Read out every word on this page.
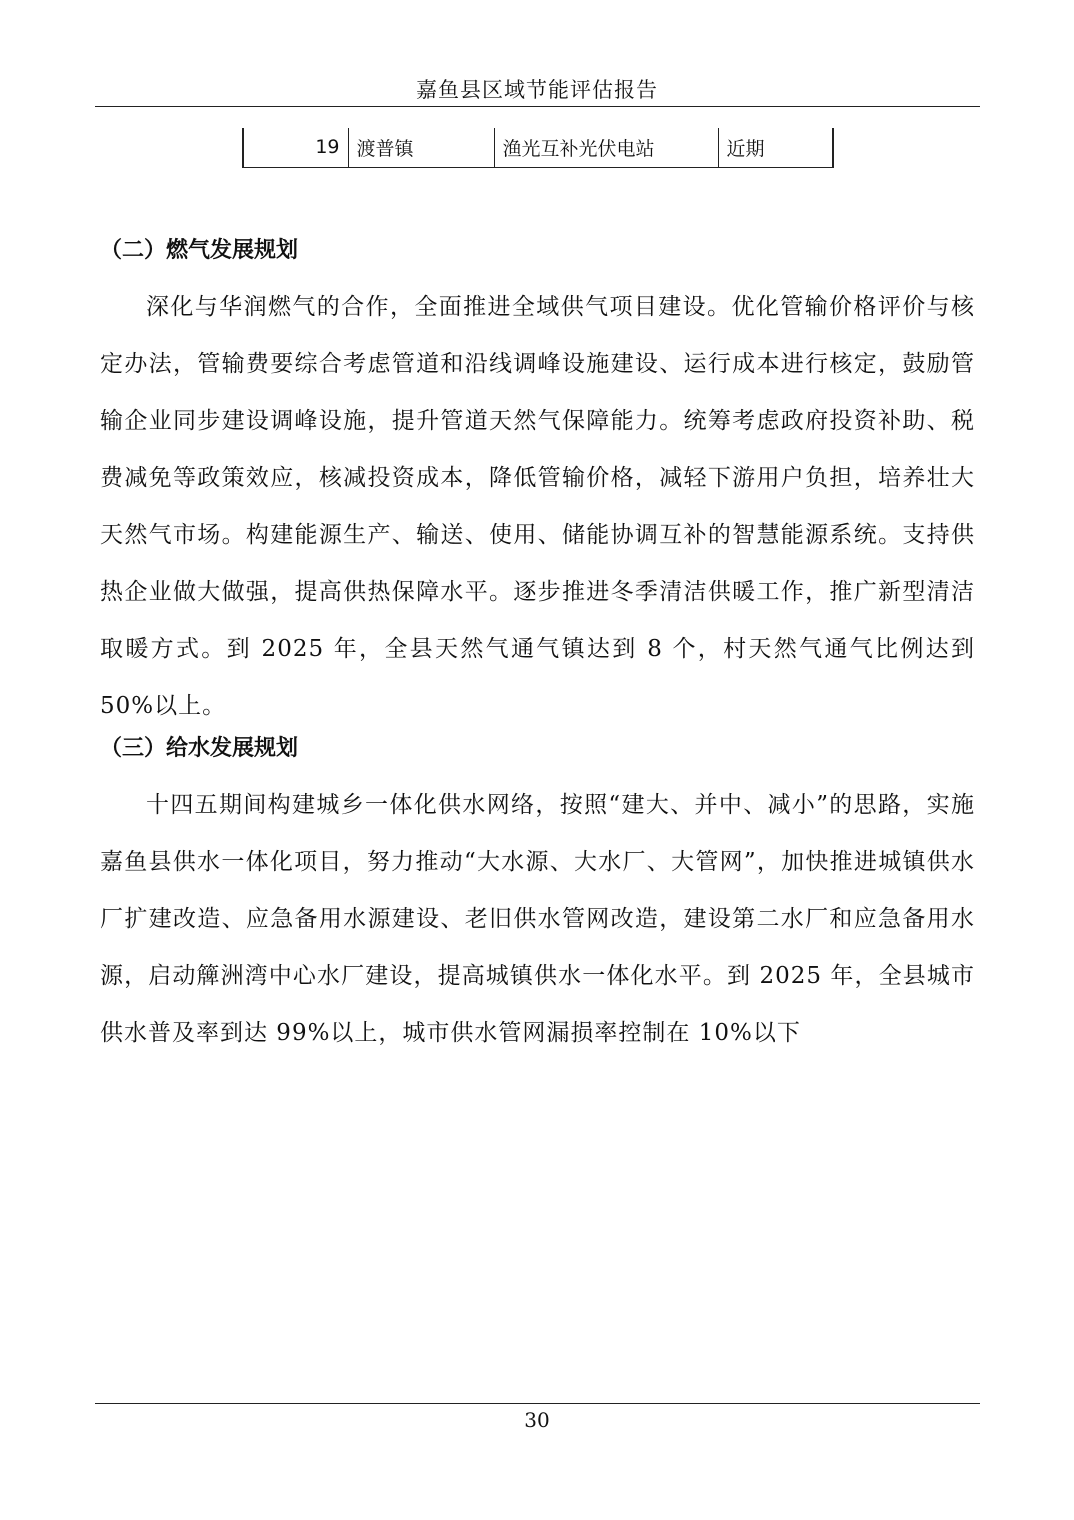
嘉鱼县区域节能评估报告
19	渡普镇	渔光互补光伏电站	近期
（二）燃气发展规划
深化与华润燃气的合作，全面推进全域供气项目建设。优化管输价格评价与核定办法，管输费要综合考虑管道和沿线调峰设施建设、运行成本进行核定，鼓励管输企业同步建设调峰设施，提升管道天然气保障能力。统筹考虑政府投资补助、税费减免等政策效应，核减投资成本，降低管输价格，减轻下游用户负担，培养壮大天然气市场。构建能源生产、输送、使用、储能协调互补的智慧能源系统。支持供热企业做大做强，提高供热保障水平。逐步推进冬季清洁供暖工作，推广新型清洁取暖方式。到 2025 年，全县天然气通气镇达到 8 个，村天然气通气比例达到 50%以上。
（三）给水发展规划
十四五期间构建城乡一体化供水网络，按照“建大、并中、减小”的思路，实施嘉鱼县供水一体化项目，努力推动“大水源、大水厂、大管网”，加快推进城镇供水厂扩建改造、应急备用水源建设、老旧供水管网改造，建设第二水厂和应急备用水源，启动簰洲湾中心水厂建设，提高城镇供水一体化水平。到 2025 年，全县城市供水普及率到达 99%以上，城市供水管网漏损率控制在 10%以下
30
